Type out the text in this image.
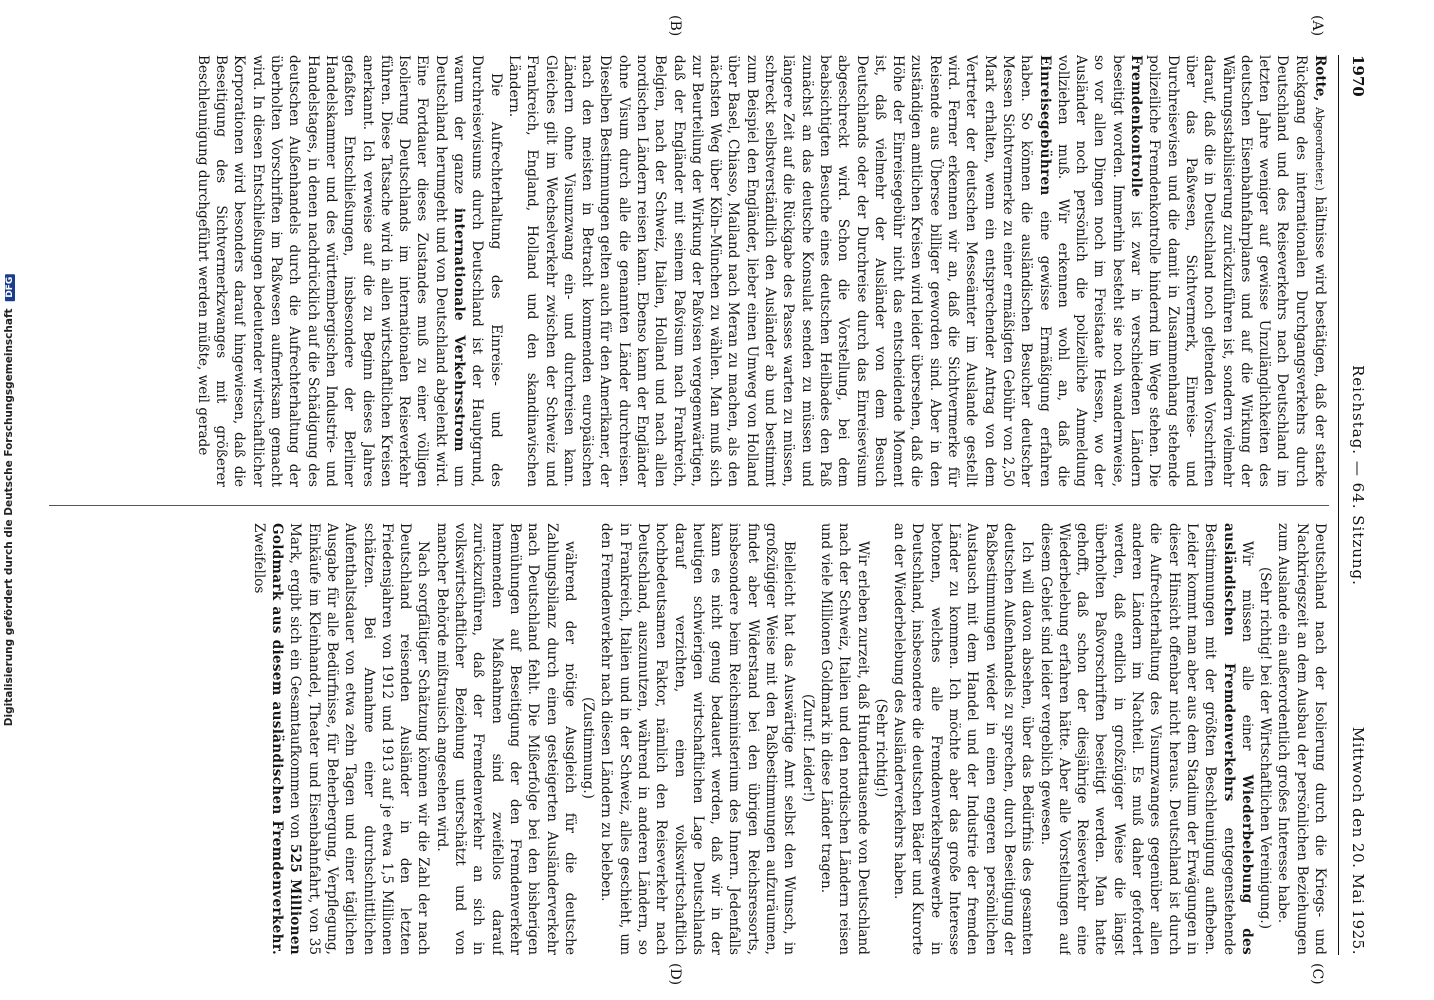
Digitalisierung gefördert durch die Deutsche Forschungsgemeinschaft DFG
1970
Reichstag. — 64. Sitzung.
Mittwoch den 20. Mai 1925.
(A)
(B)
(C)
(D)

Rotte, Abgeordneter.) hältnisse wird bestätigen, daß der starke Rückgang des internationalen Durchgangsverkehrs durch Deutschland und des Reiseverkehrs nach Deutschland im letzten Jahre weniger auf gewisse Unzulänglichkeiten des deutschen Eisenbahnfahrplanes und auf die Wirkung der Währungsstabilisierung zurückzuführen ist, sondern vielmehr darauf, daß die in Deutschland noch geltenden Vorschriften über das Paßwesen, Sichtvermerk, Einreise- und Durchreisevisen und die damit in Zusammenhang stehende polizeiliche Fremdenkontrolle hindernd im Wege stehen. Die Fremdenkontrolle ist zwar in verschiedenen Ländern beseitigt worden. Immerhin besteht sie noch wandernweise, so vor allen Dingen noch im Freistaate Hessen, wo der Ausländer noch persönlich die polizeiliche Anmeldung vollziehen muß. Wir erkennen wohl an, daß die Einreisegebühren eine gewisse Ermäßigung erfahren haben. So können die ausländischen Besucher deutscher Messen Sichtvermerke zu einer ermäßigten Gebühr von 2,50 Mark erhalten, wenn ein entsprechender Antrag von dem Vertreter der deutschen Messeämter im Auslande gestellt wird. Ferner erkennen wir an, daß die Sichtvermerke für Reisende aus Übersee billiger geworden sind. Aber in den zuständigen amtlichen Kreisen wird leider übersehen, daß die Höhe der Einreisegebühr nicht das entscheidende Moment ist, daß vielmehr der Ausländer von dem Besuch Deutschlands oder der Durchreise durch das Einreisevisum abgeschreckt wird. Schon die Vorstellung, bei dem beabsichtigten Besuche eines deutschen Heilbades den Paß zunächst an das deutsche Konsulat senden zu müssen und längere Zeit auf die Rückgabe des Passes warten zu müssen, schreckt selbstverständlich den Ausländer ab und bestimmt zum Beispiel den Engländer, lieber einen Umweg von Holland über Basel, Chiasso, Mailand nach Meran zu machen, als den nächsten Weg über Köln–München zu wählen. Man muß sich zur Beurteilung der Wirkung der Paßvisen vergegenwärtigen, daß der Engländer mit seinem Paßvisum nach Frankreich, Belgien, nach der Schweiz, Italien, Holland und nach allen nordischen Ländern reisen kann. Ebenso kann der Engländer ohne Visum durch alle die genannten Länder durchreisen. Dieselben Bestimmungen gelten auch für den Amerikaner, der nach den meisten in Betracht kommenden europäischen Ländern ohne Visumzwang ein- und durchreisen kann. Gleiches gilt im Wechselverkehr zwischen der Schweiz und Frankreich, England, Holland und den skandinavischen Ländern.

Die Aufrechterhaltung des Einreise- und des Durchreisevisums durch Deutschland ist der Hauptgrund, warum der ganze internationale Verkehrsstrom um Deutschland herumgeht und von Deutschland abgelenkt wird. Eine Fortdauer dieses Zustandes muß zu einer völligen Isolierung Deutschlands im internationalen Reiseverkehr führen. Diese Tatsache wird in allen wirtschaftlichen Kreisen anerkannt. Ich verweise auf die zu Beginn dieses Jahres gefaßten Entschließungen, insbesondere der Berliner Handelskammer und des württembergischen Industrie- und Handelstages, in denen nachdrücklich auf die Schädigung des deutschen Außenhandels durch die Aufrechterhaltung der überholten Vorschriften im Paßwesen aufmerksam gemacht wird. In diesen Entschließungen bedeutender wirtschaftlicher Korporationen wird besonders darauf hingewiesen, daß die Beseitigung des Sichtvermerkzwanges mit größerer Beschleunigung durchgeführt werden müßte, weil gerade

Deutschland nach der Isolierung durch die Kriegs- und Nachkriegszeit an dem Ausbau der persönlichen Beziehungen zum Auslande ein außerordentlich großes Interesse habe.

(Sehr richtig! bei der Wirtschaftlichen Vereinigung.)

Wir müssen alle einer Wiederbelebung des ausländischen Fremdenverkehrs entgegenstehende Bestimmungen mit der größten Beschleunigung aufheben. Leider kommt man aber aus dem Stadium der Erwägungen in dieser Hinsicht offenbar nicht heraus. Deutschland ist durch die Aufrechterhaltung des Visumzwanges gegenüber allen anderen Ländern im Nachteil. Es muß daher gefordert werden, daß endlich in großzügiger Weise die längst überholten Paßvorschriften beseitigt werden. Man hatte gehofft, daß schon der diesjährige Reiseverkehr eine Wiederbelebung erfahren hätte. Aber alle Vorstellungen auf diesem Gebiet sind leider vergeblich gewesen.

Ich will davon absehen, über das Bedürfnis des gesamten deutschen Außenhandels zu sprechen, durch Beseitigung der Paßbestimmungen wieder in einen engeren persönlichen Austausch mit dem Handel und der Industrie der fremden Länder zu kommen. Ich möchte aber das große Interesse betonen, welches alle Fremdenverkehrsgewerbe in Deutschland, insbesondere die deutschen Bäder und Kurorte an der Wiederbelebung des Ausländerverkehrs haben.

(Sehr richtig!)

Wir erleben zurzeit, daß Hunderttausende von Deutschland nach der Schweiz, Italien und den nordischen Ländern reisen und viele Millionen Goldmark in diese Länder tragen.

(Zuruf: Leider!)

Bielleicht hat das Auswärtige Amt selbst den Wunsch, in großzügiger Weise mit den Paßbestimmungen aufzuräumen, findet aber Widerstand bei den übrigen Reichsressorts, insbesondere beim Reichsministerium des Innern. Jedenfalls kann es nicht genug bedauert werden, daß wir in der heutigen schwierigen wirtschaftlichen Lage Deutschlands darauf verzichten, einen volkswirtschaftlich hochbedeutsamen Faktor, nämlich den Reiseverkehr nach Deutschland, auszunutzen, während in anderen Ländern, so in Frankreich, Italien und in der Schweiz, alles geschieht, um den Fremdenverkehr nach diesen Ländern zu beleben.

(Zustimmung.)

während der nötige Ausgleich für die deutsche Zahlungsbilanz durch einen gesteigerten Ausländerverkehr nach Deutschland fehlt. Die Mißerfolge bei den bisherigen Bemühungen auf Beseitigung der den Fremdenverkehr hemmenden Maßnahmen sind zweifellos darauf zurückzuführen, daß der Fremdenverkehr an sich in volkswirtschaftlicher Beziehung unterschätzt und von mancher Behörde mißtrauisch angesehen wird.

Nach sorgfältiger Schätzung können wir die Zahl der nach Deutschland reisenden Ausländer in den letzten Friedensjahren von 1912 und 1913 auf je etwa 1,5 Millionen schätzen. Bei Annahme einer durchschnittlichen Aufenthaltsdauer von etwa zehn Tagen und einer täglichen Ausgabe für alle Bedürfnisse, für Beherbergung, Verpflegung, Einkäufe im Kleinhandel, Theater und Eisenbahnfahrt, von 35 Mark, ergibt sich ein Gesamtaufkommen von 525 Millionen Goldmark aus diesem ausländischen Fremdenverkehr. Zweifellos
